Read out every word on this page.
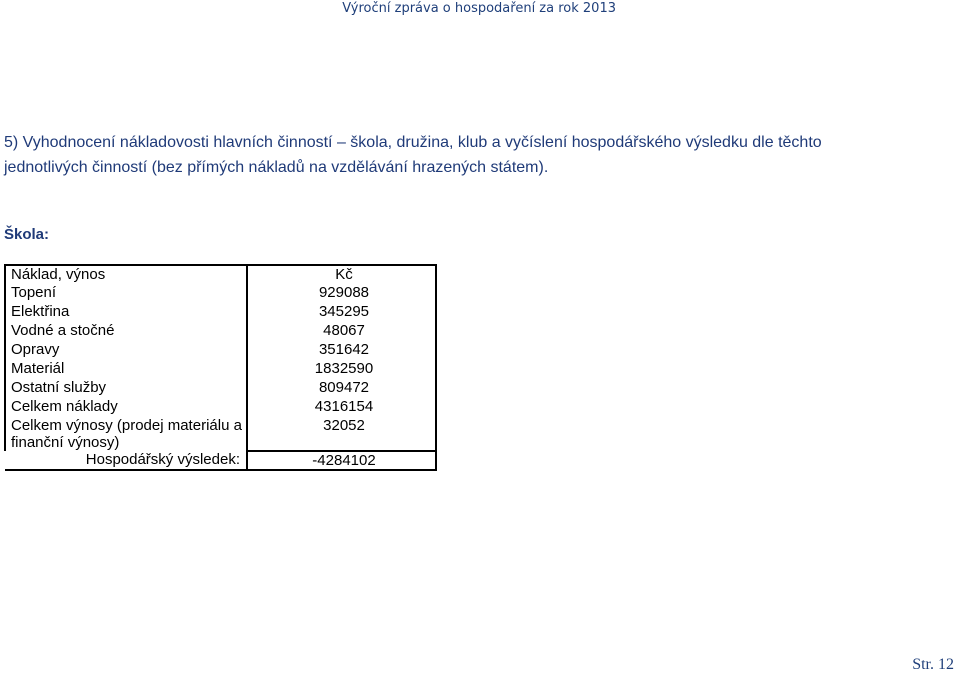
Výroční zpráva o hospodaření za rok 2013
5) Vyhodnocení nákladovosti hlavních činností – škola, družina, klub a vyčíslení hospodářského výsledku dle těchto jednotlivých činností (bez přímých nákladů na vzdělávání hrazených státem).
Škola:
Náklad, výnos	Kč
Topení	929088
Elektřina	345295
Vodné a stočné	48067
Opravy	351642
Materiál	1832590
Ostatní služby	809472
Celkem náklady	4316154
Celkem výnosy (prodej materiálu a finanční výnosy)	32052
Hospodářský výsledek:	-4284102
Str. 12
